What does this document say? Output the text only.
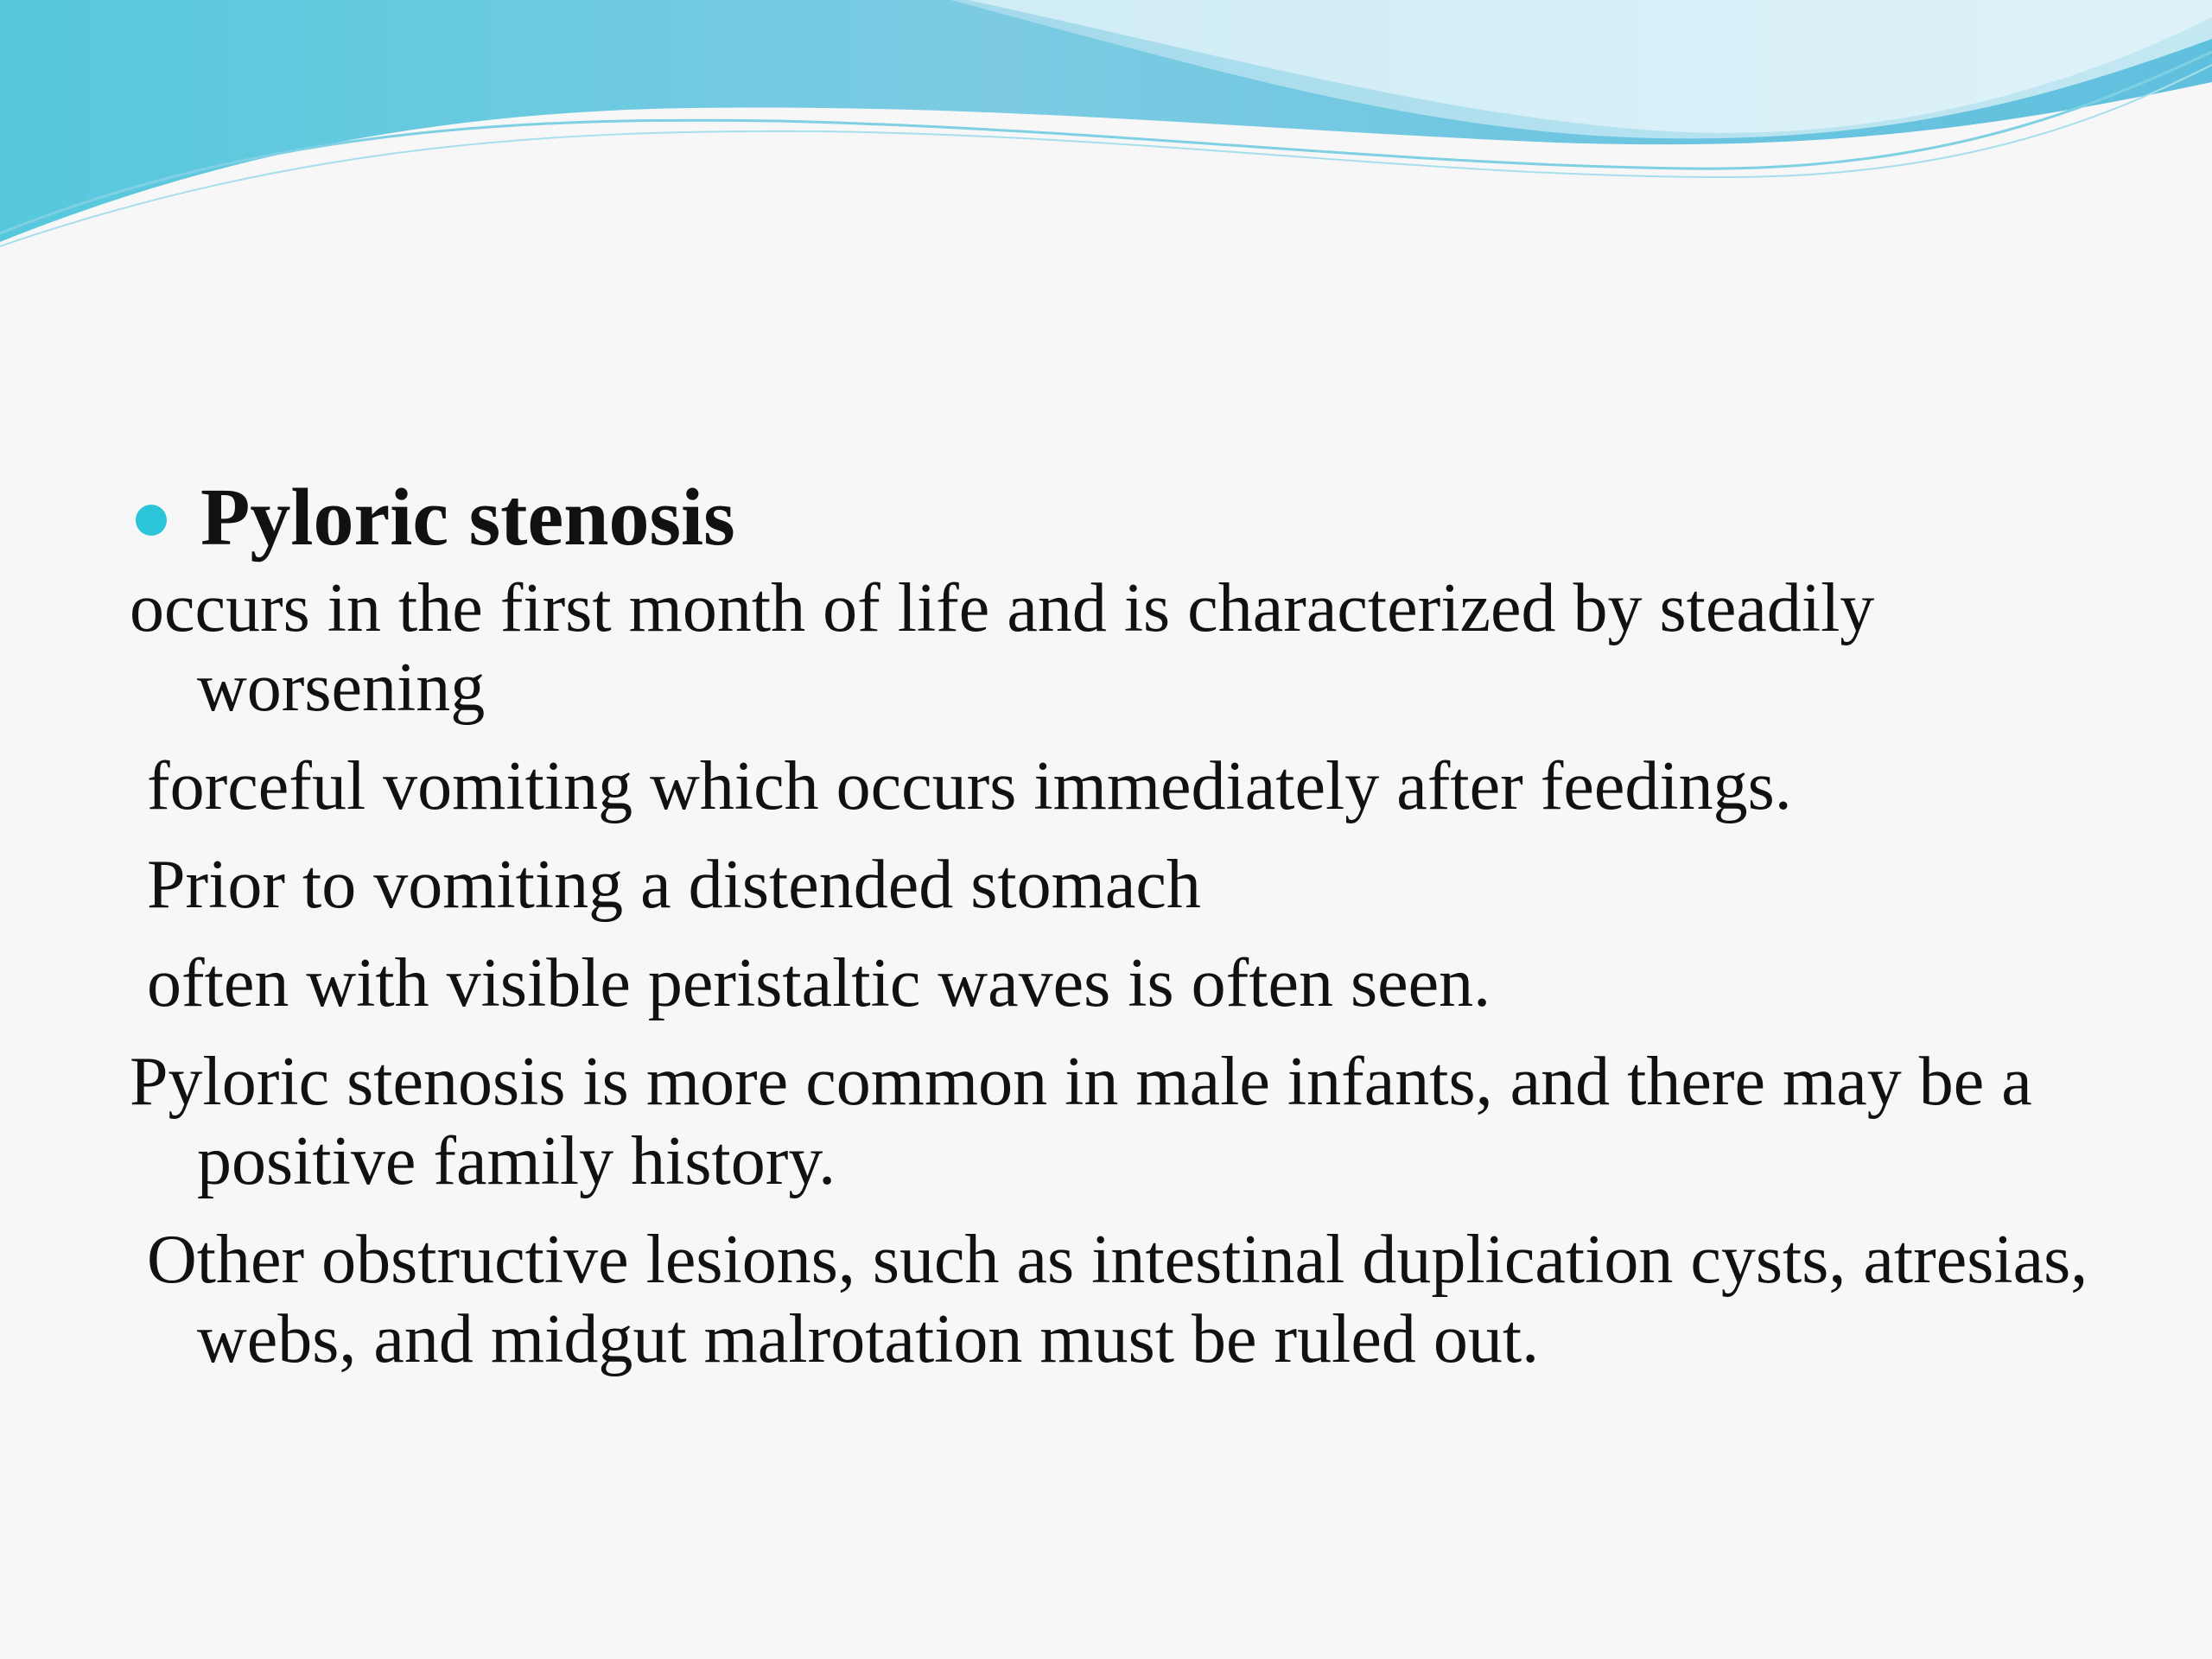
Pyloric stenosis
occurs in the first month of life and is characterized by steadily worsening
forceful vomiting which occurs immediately after feedings.
Prior to vomiting a distended stomach
often with visible peristaltic waves is often seen.
Pyloric stenosis is more common in male infants, and there may be a positive family history.
Other obstructive lesions, such as intestinal duplication cysts, atresias, webs, and midgut malrotation must be ruled out.
